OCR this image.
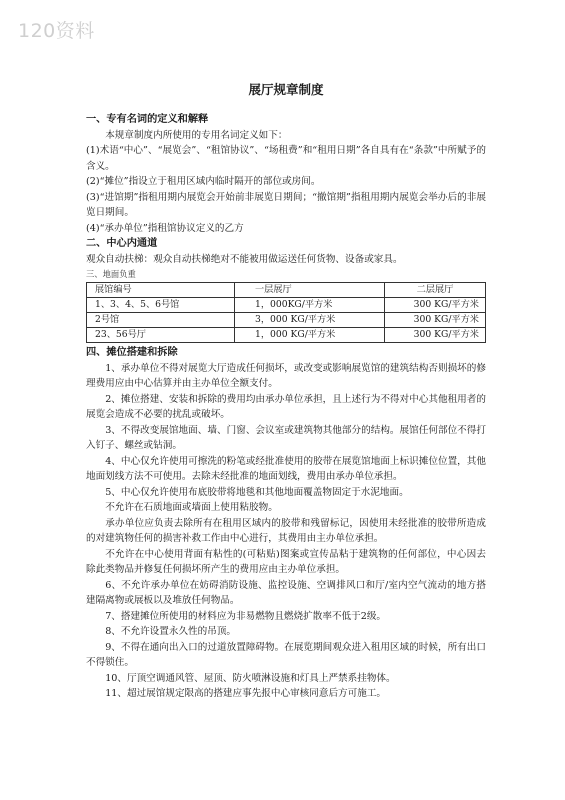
120资料
展厅规章制度
一、专有名词的定义和解释

本规章制度内所使用的专用名词定义如下：

(1)术语“中心”、“展览会”、“租馆协议”、“场租费”和“租用日期”各自具有在“条款”中所赋予的含义。

(2)“摊位”指设立于租用区域内临时隔开的部位或房间。

(3)“进馆期”指租用期内展览会开始前非展览日期间；“撤馆期”指租用期内展览会举办后的非展览日期间。

(4)“承办单位”指租馆协议定义的乙方

二、中心内通道

观众自动扶梯：观众自动扶梯绝对不能被用做运送任何货物、设备或家具。

三、地面负重
展馆编号	一层展厅	二层展厅
1、3、4、5、6号馆	1，000KG/平方米	300 KG/平方米
2号馆	3，000 KG/平方米	300 KG/平方米
23、56号厅	1，000 KG/平方米	300 KG/平方米
四、摊位搭建和拆除

1、承办单位不得对展览大厅造成任何损坏，或改变或影响展览馆的建筑结构否则损坏的修理费用应由中心估算并由主办单位全额支付。

2、摊位搭建、安装和拆除的费用均由承办单位承担，且上述行为不得对中心其他租用者的展览会造成不必要的扰乱或破坏。

3、不得改变展馆地面、墙、门窗、会议室或建筑物其他部分的结构。展馆任何部位不得打入钉子、螺丝或钻洞。

4、中心仅允许使用可擦洗的粉笔或经批准使用的胶带在展览馆地面上标识摊位位置，其他地面划线方法不可使用。去除未经批准的地面划线，费用由承办单位承担。

5、中心仅允许使用布底胶带将地毯和其他地面覆盖物固定于水泥地面。

不允许在石质地面或墙面上使用粘胶物。

承办单位应负责去除所有在租用区域内的胶带和残留标记，因使用未经批准的胶带所造成的对建筑物任何的损害补救工作由中心进行，其费用由主办单位承担。

不允许在中心使用背面有粘性的(可粘贴)图案或宣传品粘于建筑物的任何部位，中心因去除此类物品并修复任何损坏所产生的费用应由主办单位承担。

6、不允许承办单位在妨碍消防设施、监控设施、空调排风口和厅/室内空气流动的地方搭建隔离物或展板以及堆放任何物品。

7、搭建摊位所使用的材料应为非易燃物且燃烧扩散率不低于2级。

8、不允许设置永久性的吊顶。

9、不得在通向出入口的过道放置障碍物。在展览期间观众进入租用区域的时候，所有出口不得锁住。

10、厅顶空调通风管、屋顶、防火喷淋设施和灯具上严禁系挂物体。

11、超过展馆规定限高的搭建应事先报中心审核同意后方可施工。
